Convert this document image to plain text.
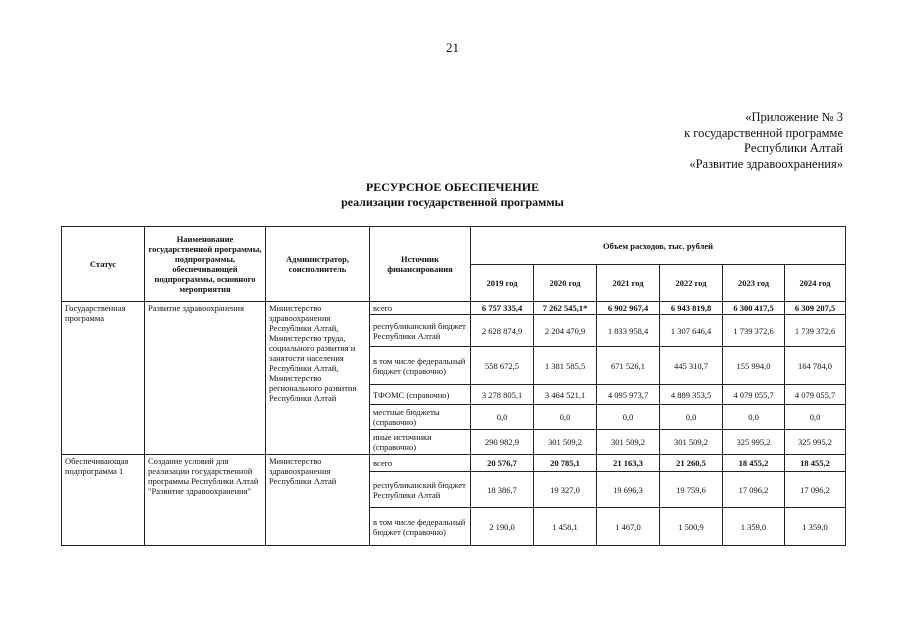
21
«Приложение № 3
к государственной программе
Республики Алтай
«Развитие здравоохранения»
РЕСУРСНОЕ ОБЕСПЕЧЕНИЕ
реализации государственной программы
Статус	Наименование государственной программы, подпрограммы, обеспечивающей подпрограммы, основного мероприятия	Администратор, соисполнитель	Источник финансирования	Объем расходов, тыс. рублей					
				2019 год	2020 год	2021 год	2022 год	2023 год	2024 год
Государственная программа	Развитие здравоохранения	Министерство здравоохранения Республики Алтай, Министерство труда, социального развития и занятости населения Республики Алтай, Министерство регионального развития Республики Алтай	всего	6 757 335,4	7 262 545,1*	6 902 967,4	6 943 819,8	6 300 417,5	6 309 207,5
			республиканский бюджет Республики Алтай	2 628 874,9	2 204 470,9	1 833 958,4	1 307 646,4	1 739 372,6	1 739 372,6
			в том числе федеральный бюджет (справочно)	558 672,5	1 381 585,5	671 526,1	445 310,7	155 994,0	164 784,0
			ТФОМС (справочно)	3 278 805,1	3 464 521,1	4 095 973,7	4 889 353,5	4 079 055,7	4 079 055,7
			местные бюджеты (справочно)	0,0	0,0	0,0	0,0	0,0	0,0
			иные источники (справочно)	290 982,9	301 509,2	301 509,2	301 509,2	325 995,2	325 995,2
Обеспечивающая подпрограмма 1	Создание условий для реализации государственной программы Республики Алтай "Развитие здравоохранения"	Министерство здравоохранения Республики Алтай	всего	20 576,7	20 785,1	21 163,3	21 260,5	18 455,2	18 455,2
			республиканский бюджет Республики Алтай	18 386,7	19 327,0	19 696,3	19 759,6	17 096,2	17 096,2
			в том числе федеральный бюджет (справочно)	2 190,0	1 458,1	1 467,0	1 500,9	1 359,0	1 359,0
